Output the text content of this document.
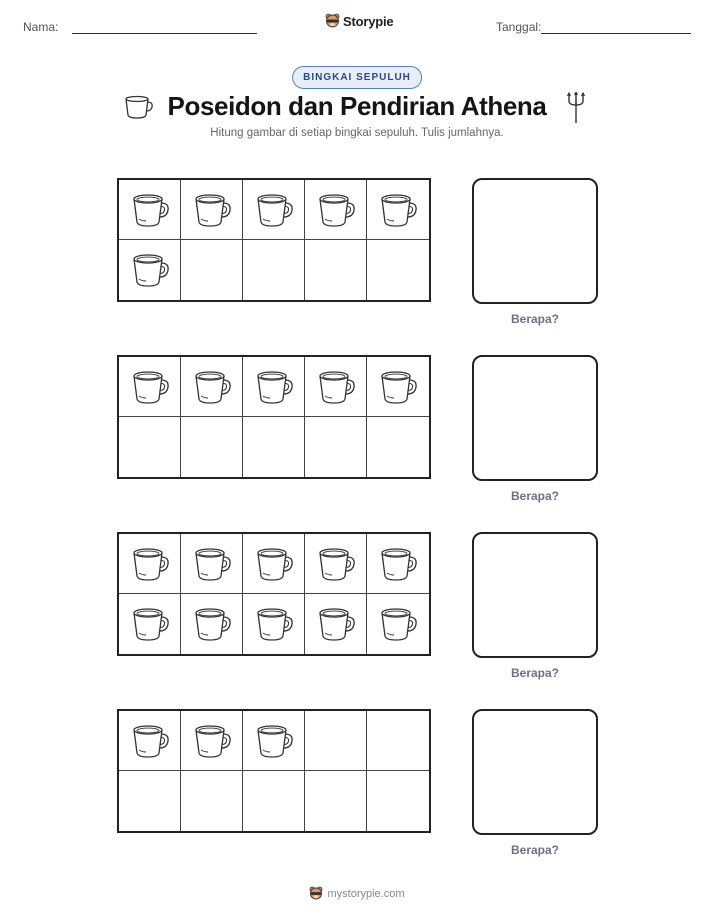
Nama:	Storypie	Tanggal:
BINGKAI SEPULUH
Poseidon dan Pendirian Athena
Hitung gambar di setiap bingkai sepuluh. Tulis jumlahnya.
Berapa?
Berapa?
Berapa?
Berapa?
mystorypie.com
